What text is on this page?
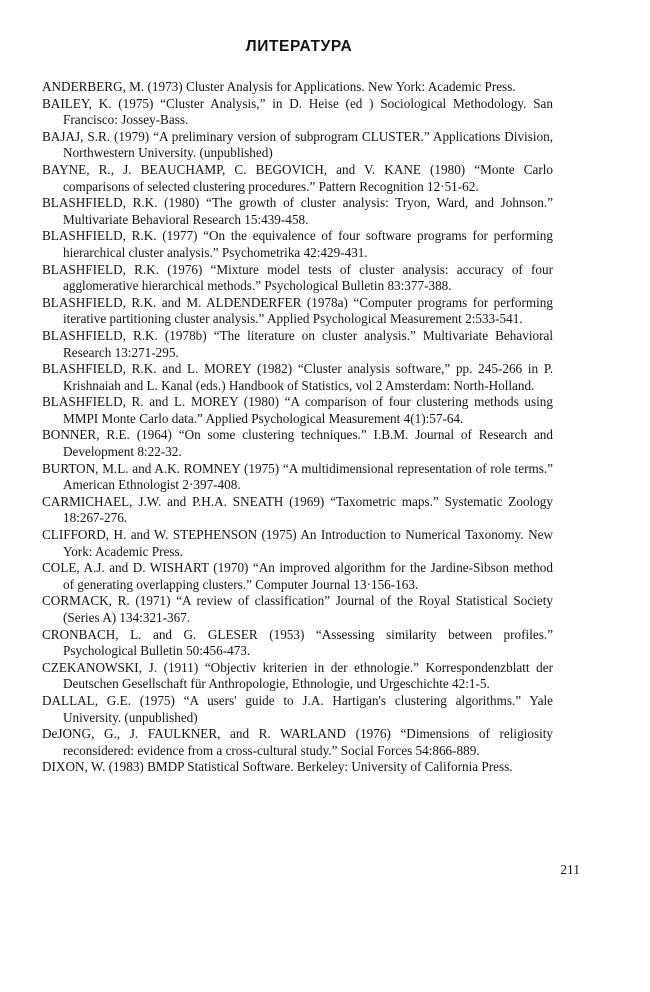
ЛИТЕРАТУРА
ANDERBERG, M. (1973) Cluster Analysis for Applications. New York: Academic Press.
BAILEY, K. (1975) “Cluster Analysis,” in D. Heise (ed ) Sociological Methodology. San Francisco: Jossey-Bass.
BAJAJ, S.R. (1979) “A preliminary version of subprogram CLUSTER.” Applications Division, Northwestern University. (unpublished)
BAYNE, R., J. BEAUCHAMP, C. BEGOVICH, and V. KANE (1980) “Monte Carlo comparisons of selected clustering procedures.” Pattern Recognition 12·51-62.
BLASHFIELD, R.K. (1980) “The growth of cluster analysis: Tryon, Ward, and Johnson.” Multivariate Behavioral Research 15:439-458.
BLASHFIELD, R.K. (1977) “On the equivalence of four software programs for performing hierarchical cluster analysis.” Psychometrika 42:429-431.
BLASHFIELD, R.K. (1976) “Mixture model tests of cluster analysis: accuracy of four agglomerative hierarchical methods.” Psychological Bulletin 83:377-388.
BLASHFIELD, R.K. and M. ALDENDERFER (1978a) “Computer programs for performing iterative partitioning cluster analysis.” Applied Psychological Measurement 2:533-541.
BLASHFIELD, R.K. (1978b) “The literature on cluster analysis.” Multivariate Behavioral Research 13:271-295.
BLASHFIELD, R.K. and L. MOREY (1982) “Cluster analysis software,” pp. 245-266 in P. Krishnaiah and L. Kanal (eds.) Handbook of Statistics, vol 2 Amsterdam: North-Holland.
BLASHFIELD, R. and L. MOREY (1980) “A comparison of four clustering methods using MMPI Monte Carlo data.” Applied Psychological Measurement 4(1):57-64.
BONNER, R.E. (1964) “On some clustering techniques.” I.B.M. Journal of Research and Development 8:22-32.
BURTON, M.L. and A.K. ROMNEY (1975) “A multidimensional representation of role terms.” American Ethnologist 2·397-408.
CARMICHAEL, J.W. and P.H.A. SNEATH (1969) “Taxometric maps.” Systematic Zoology 18:267-276.
CLIFFORD, H. and W. STEPHENSON (1975) An Introduction to Numerical Taxonomy. New York: Academic Press.
COLE, A.J. and D. WISHART (1970) “An improved algorithm for the Jardine-Sibson method of generating overlapping clusters.” Computer Journal 13·156-163.
CORMACK, R. (1971) “A review of classification” Journal of the Royal Statistical Society (Series A) 134:321-367.
CRONBACH, L. and G. GLESER (1953) “Assessing similarity between profiles.” Psychological Bulletin 50:456-473.
CZEKANOWSKI, J. (1911) “Objectiv kriterien in der ethnologie.” Korrespondenzblatt der Deutschen Gesellschaft für Anthropologie, Ethnologie, und Urgeschichte 42:1-5.
DALLAL, G.E. (1975) “A users' guide to J.A. Hartigan's clustering algorithms.” Yale University. (unpublished)
DeJONG, G., J. FAULKNER, and R. WARLAND (1976) “Dimensions of religiosity reconsidered: evidence from a cross-cultural study.” Social Forces 54:866-889.
DIXON, W. (1983) BMDP Statistical Software. Berkeley: University of California Press.
211
